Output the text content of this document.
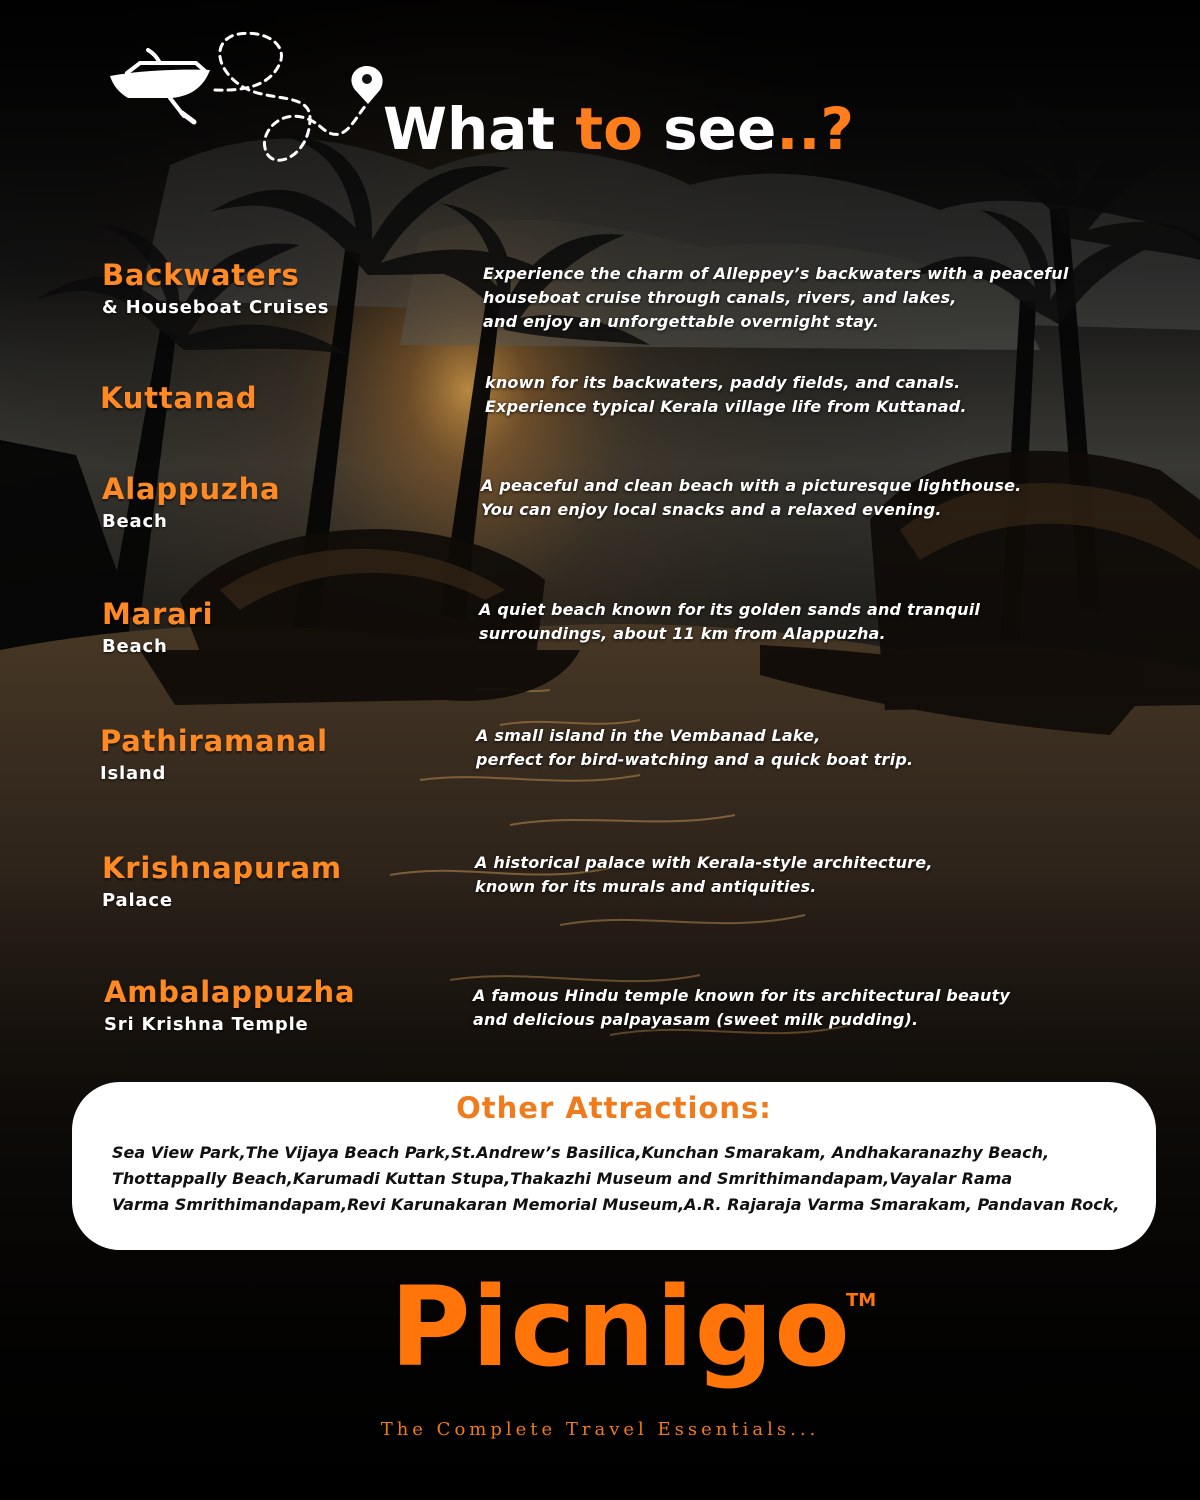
What to see..?
Backwaters
& Houseboat Cruises
Experience the charm of Alleppey’s backwaters with a peaceful
houseboat cruise through canals, rivers, and lakes,
and enjoy an unforgettable overnight stay.
Kuttanad	known for its backwaters, paddy fields, and canals.
Experience typical Kerala village life from Kuttanad.
Alappuzha
Beach
A peaceful and clean beach with a picturesque lighthouse.
You can enjoy local snacks and a relaxed evening.
Marari
Beach
A quiet beach known for its golden sands and tranquil
surroundings, about 11 km from Alappuzha.
Pathiramanal
Island
A small island in the Vembanad Lake,
perfect for bird-watching and a quick boat trip.
Krishnapuram
Palace
A historical palace with Kerala-style architecture,
known for its murals and antiquities.
Ambalappuzha
Sri Krishna Temple
A famous Hindu temple known for its architectural beauty
and delicious palpayasam (sweet milk pudding).
Other Attractions:
Sea View Park,The Vijaya Beach Park,St.Andrew’s Basilica,Kunchan Smarakam, Andhakaranazhy Beach,
Thottappally Beach,Karumadi Kuttan Stupa,Thakazhi Museum and Smrithimandapam,Vayalar Rama
Varma Smrithimandapam,Revi Karunakaran Memorial Museum,A.R. Rajaraja Varma Smarakam, Pandavan Rock,
Picnigo
TM
The Complete Travel Essentials...
